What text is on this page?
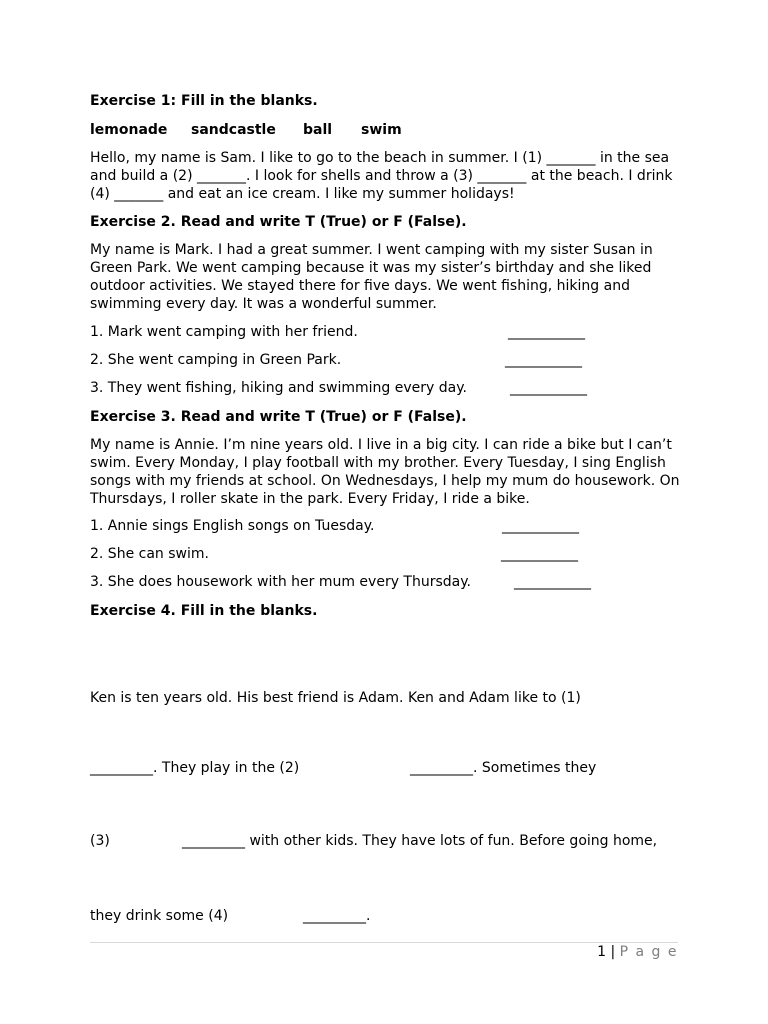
Exercise 1: Fill in the blanks.
lemonade sandcastle ball swim
Hello, my name is Sam. I like to go to the beach in summer. I (1) _______ in the sea
and build a (2) _______. I look for shells and throw a (3) _______ at the beach. I drink
(4) _______ and eat an ice cream. I like my summer holidays!
Exercise 2. Read and write T (True) or F (False).
My name is Mark. I had a great summer. I went camping with my sister Susan in
Green Park. We went camping because it was my sister’s birthday and she liked
outdoor activities. We stayed there for five days. We went fishing, hiking and
swimming every day. It was a wonderful summer.
1. Mark went camping with her friend.	___________
2. She went camping in Green Park.	___________
3. They went fishing, hiking and swimming every day.	___________
Exercise 3. Read and write T (True) or F (False).
My name is Annie. I’m nine years old. I live in a big city. I can ride a bike but I can’t
swim. Every Monday, I play football with my brother. Every Tuesday, I sing English
songs with my friends at school. On Wednesdays, I help my mum do housework. On
Thursdays, I roller skate in the park. Every Friday, I ride a bike.
1. Annie sings English songs on Tuesday.	___________
2. She can swim.	___________
3. She does housework with her mum every Thursday.	___________
Exercise 4. Fill in the blanks.
Ken is ten years old. His best friend is Adam. Ken and Adam like to (1)
_________. They play in the (2)	_________. Sometimes they
(3)	_________ with other kids. They have lots of fun. Before going home,
they drink some (4)	_________.
1 | P a g e
